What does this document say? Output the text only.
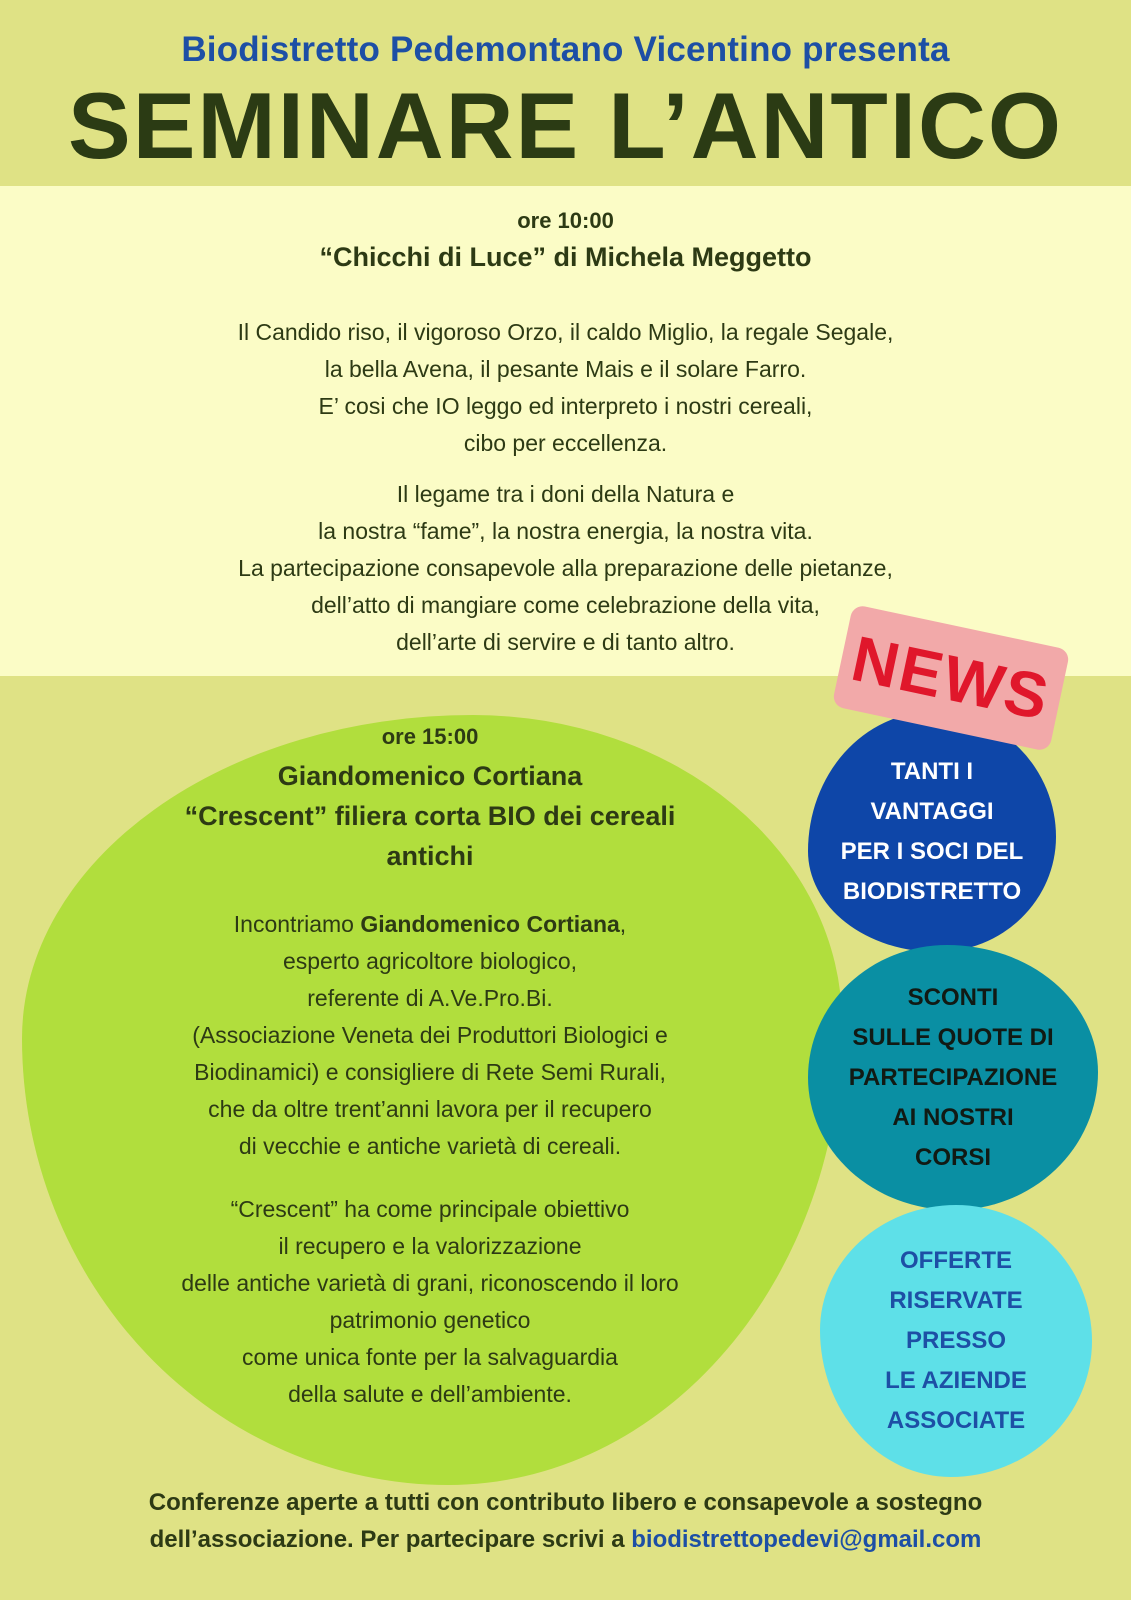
Biodistretto Pedemontano Vicentino presenta
SEMINARE L’ANTICO
ore 10:00
“Chicchi di Luce” di Michela Meggetto
Il Candido riso, il vigoroso Orzo, il caldo Miglio, la regale Segale,
la bella Avena, il pesante Mais e il solare Farro.
E’ cosi che IO leggo ed interpreto i nostri cereali,
cibo per eccellenza.
Il legame tra i doni della Natura e
la nostra “fame”, la nostra energia, la nostra vita.
La partecipazione consapevole alla preparazione delle pietanze,
dell’atto di mangiare come celebrazione della vita,
dell’arte di servire e di tanto altro.
ore 15:00
Giandomenico Cortiana
“Crescent” filiera corta BIO dei cereali
antichi
Incontriamo Giandomenico Cortiana,
esperto agricoltore biologico,
referente di A.Ve.Pro.Bi.
(Associazione Veneta dei Produttori Biologici e
Biodinamici) e consigliere di Rete Semi Rurali,
che da oltre trent’anni lavora per il recupero
di vecchie e antiche varietà di cereali.
“Crescent” ha come principale obiettivo
il recupero e la valorizzazione
delle antiche varietà di grani, riconoscendo il loro
patrimonio genetico
come unica fonte per la salvaguardia
della salute e dell’ambiente.
TANTI I
VANTAGGI
PER I SOCI DEL
BIODISTRETTO
SCONTI
SULLE QUOTE DI
PARTECIPAZIONE
AI NOSTRI
CORSI
OFFERTE
RISERVATE
PRESSO
LE AZIENDE
ASSOCIATE
NEWS
Conferenze aperte a tutti con contributo libero e consapevole a sostegno
dell’associazione. Per partecipare scrivi a biodistrettopedevi@gmail.com
